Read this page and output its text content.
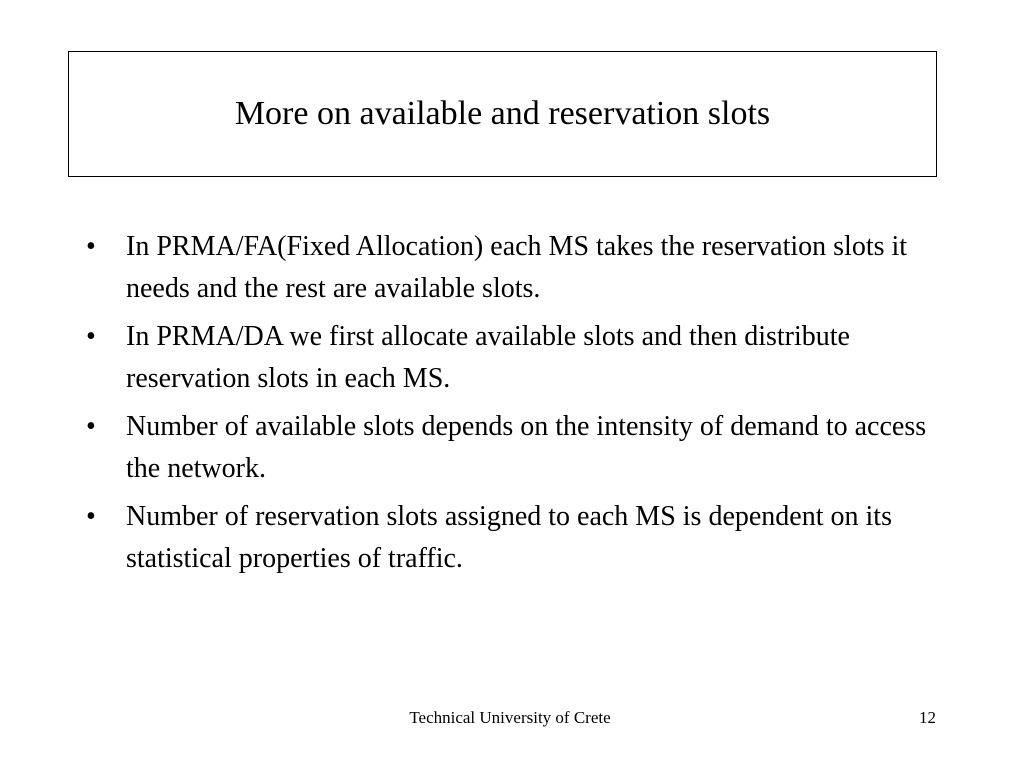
More on available and reservation slots
•	In PRMA/FA(Fixed Allocation) each MS takes the reservation slots it needs and the rest are available slots.
•	In PRMA/DA we first allocate available slots and then distribute reservation slots in each MS.
•	Number of available slots depends on the intensity of demand to access the network.
•	Number of reservation slots assigned to each MS is dependent on its statistical properties of traffic.
Technical University of Crete	12
